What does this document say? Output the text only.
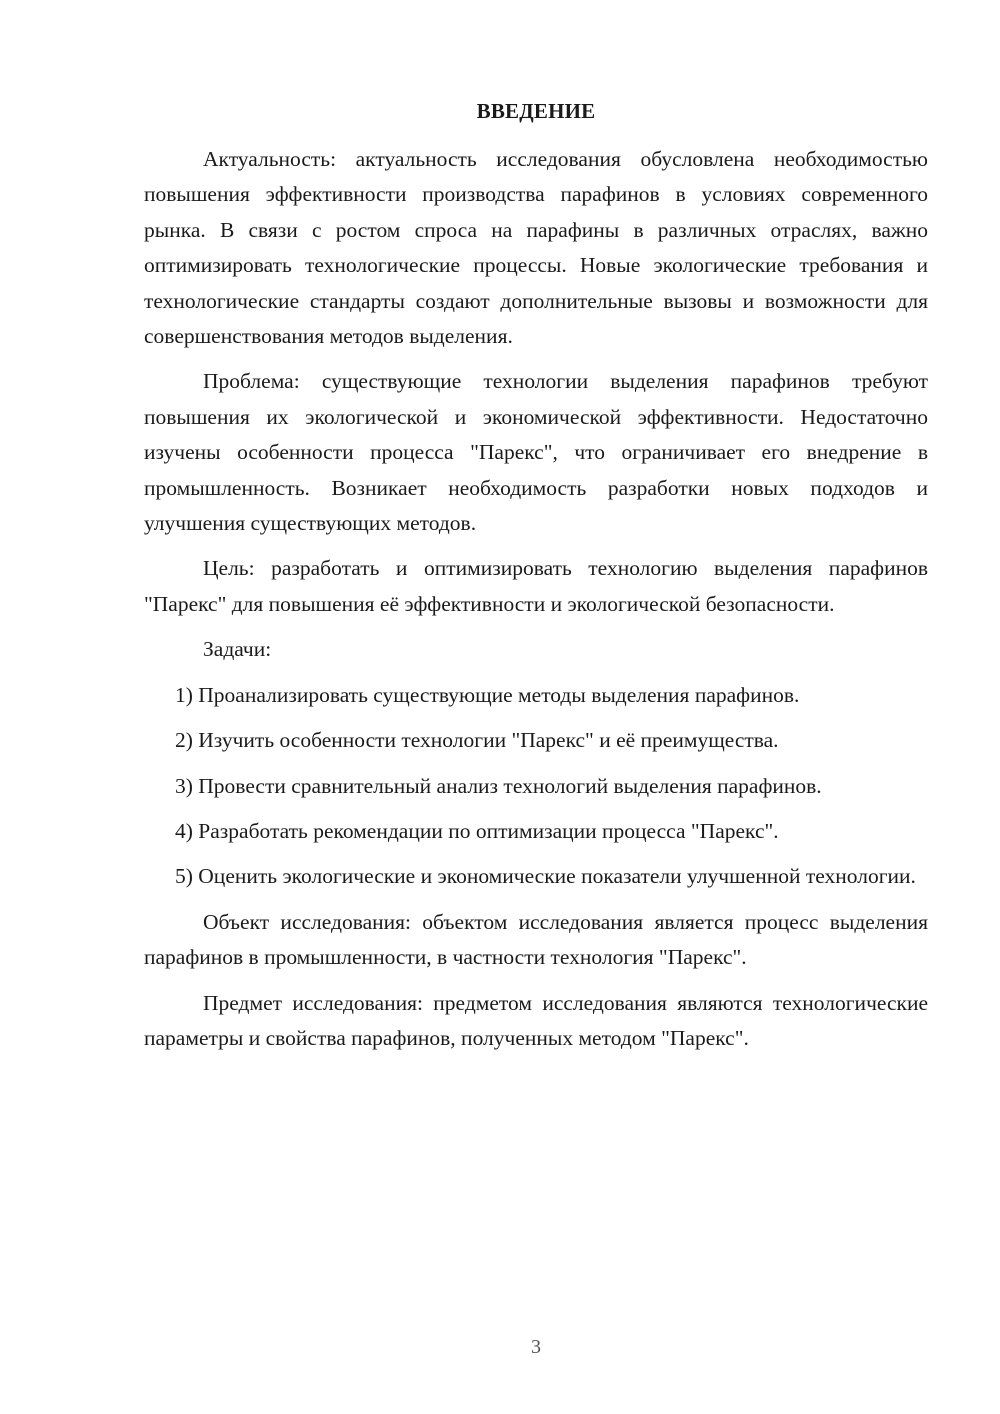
ВВЕДЕНИЕ

Актуальность: актуальность исследования обусловлена необходимостью повышения эффективности производства парафинов в условиях современного рынка. В связи с ростом спроса на парафины в различных отраслях, важно оптимизировать технологические процессы. Новые экологические требования и технологические стандарты создают дополнительные вызовы и возможности для совершенствования методов выделения.

Проблема: существующие технологии выделения парафинов требуют повышения их экологической и экономической эффективности. Недостаточно изучены особенности процесса "Парекс", что ограничивает его внедрение в промышленность. Возникает необходимость разработки новых подходов и улучшения существующих методов.

Цель: разработать и оптимизировать технологию выделения парафинов "Парекс" для повышения её эффективности и экологической безопасности.

Задачи:

1) Проанализировать существующие методы выделения парафинов.

2) Изучить особенности технологии "Парекс" и её преимущества.

3) Провести сравнительный анализ технологий выделения парафинов.

4) Разработать рекомендации по оптимизации процесса "Парекс".

5) Оценить экологические и экономические показатели улучшенной технологии.

Объект исследования: объектом исследования является процесс выделения парафинов в промышленности, в частности технология "Парекс".

Предмет исследования: предметом исследования являются технологические параметры и свойства парафинов, полученных методом "Парекс".

3
